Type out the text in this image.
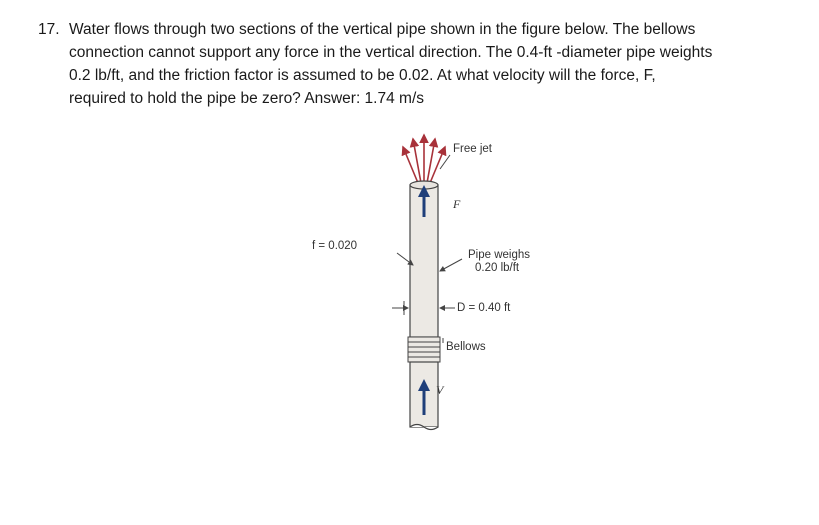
17. Water flows through two sections of the vertical pipe shown in the figure below. The bellows
connection cannot support any force in the vertical direction. The 0.4-ft -diameter pipe weights
0.2 lb/ft, and the friction factor is assumed to be 0.02. At what velocity will the force, F,
required to hold the pipe be zero? Answer: 1.74 m/s
Free jet
F
f = 0.020
Pipe weighs
0.20 lb/ft
D = 0.40 ft
Bellows
V
